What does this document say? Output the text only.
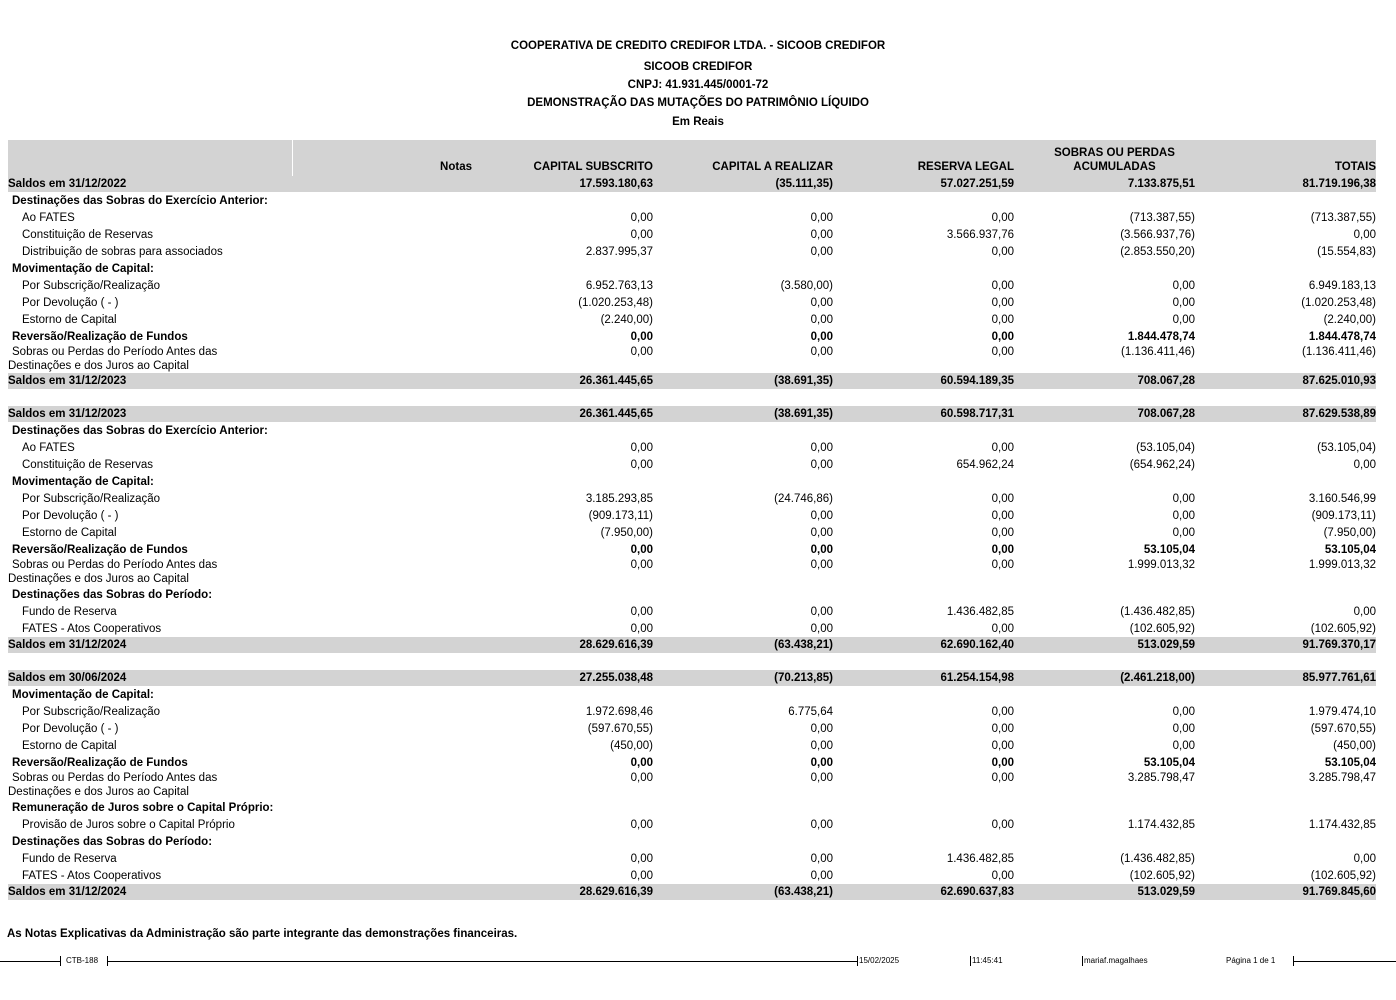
COOPERATIVA DE CREDITO CREDIFOR LTDA. - SICOOB CREDIFOR
SICOOB CREDIFOR
CNPJ: 41.931.445/0001-72
DEMONSTRAÇÃO DAS MUTAÇÕES DO PATRIMÔNIO LÍQUIDO
Em Reais
	Notas	CAPITAL SUBSCRITO	CAPITAL A REALIZAR	RESERVA LEGAL	SOBRAS OU PERDAS
ACUMULADAS	TOTAIS
Saldos em 31/12/2022		17.593.180,63	(35.111,35)	57.027.251,59	7.133.875,51	81.719.196,38
Destinações das Sobras do Exercício Anterior:						
Ao FATES		0,00	0,00	0,00	(713.387,55)	(713.387,55)
Constituição de Reservas		0,00	0,00	3.566.937,76	(3.566.937,76)	0,00
Distribuição de sobras para associados		2.837.995,37	0,00	0,00	(2.853.550,20)	(15.554,83)
Movimentação de Capital:						
Por Subscrição/Realização		6.952.763,13	(3.580,00)	0,00	0,00	6.949.183,13
Por Devolução ( - )		(1.020.253,48)	0,00	0,00	0,00	(1.020.253,48)
Estorno de Capital		(2.240,00)	0,00	0,00	0,00	(2.240,00)
Reversão/Realização de Fundos		0,00	0,00	0,00	1.844.478,74	1.844.478,74
Sobras ou Perdas do Período Antes das
Destinações e dos Juros ao Capital		0,00	0,00	0,00	(1.136.411,46)	(1.136.411,46)
Saldos em 31/12/2023		26.361.445,65	(38.691,35)	60.594.189,35	708.067,28	87.625.010,93

Saldos em 31/12/2023		26.361.445,65	(38.691,35)	60.598.717,31	708.067,28	87.629.538,89
Destinações das Sobras do Exercício Anterior:						
Ao FATES		0,00	0,00	0,00	(53.105,04)	(53.105,04)
Constituição de Reservas		0,00	0,00	654.962,24	(654.962,24)	0,00
Movimentação de Capital:						
Por Subscrição/Realização		3.185.293,85	(24.746,86)	0,00	0,00	3.160.546,99
Por Devolução ( - )		(909.173,11)	0,00	0,00	0,00	(909.173,11)
Estorno de Capital		(7.950,00)	0,00	0,00	0,00	(7.950,00)
Reversão/Realização de Fundos		0,00	0,00	0,00	53.105,04	53.105,04
Sobras ou Perdas do Período Antes das
Destinações e dos Juros ao Capital		0,00	0,00	0,00	1.999.013,32	1.999.013,32
Destinações das Sobras do Período:						
Fundo de Reserva		0,00	0,00	1.436.482,85	(1.436.482,85)	0,00
FATES - Atos Cooperativos		0,00	0,00	0,00	(102.605,92)	(102.605,92)
Saldos em 31/12/2024		28.629.616,39	(63.438,21)	62.690.162,40	513.029,59	91.769.370,17

Saldos em 30/06/2024		27.255.038,48	(70.213,85)	61.254.154,98	(2.461.218,00)	85.977.761,61
Movimentação de Capital:						
Por Subscrição/Realização		1.972.698,46	6.775,64	0,00	0,00	1.979.474,10
Por Devolução ( - )		(597.670,55)	0,00	0,00	0,00	(597.670,55)
Estorno de Capital		(450,00)	0,00	0,00	0,00	(450,00)
Reversão/Realização de Fundos		0,00	0,00	0,00	53.105,04	53.105,04
Sobras ou Perdas do Período Antes das
Destinações e dos Juros ao Capital		0,00	0,00	0,00	3.285.798,47	3.285.798,47
Remuneração de Juros sobre o Capital Próprio:						
Provisão de Juros sobre o Capital Próprio		0,00	0,00	0,00	1.174.432,85	1.174.432,85
Destinações das Sobras do Período:						
Fundo de Reserva		0,00	0,00	1.436.482,85	(1.436.482,85)	0,00
FATES - Atos Cooperativos		0,00	0,00	0,00	(102.605,92)	(102.605,92)
Saldos em 31/12/2024		28.629.616,39	(63.438,21)	62.690.637,83	513.029,59	91.769.845,60
As Notas Explicativas da Administração são parte integrante das demonstrações financeiras.
CTB-188	15/02/2025	11:45:41	mariaf.magalhaes	Página 1 de 1
